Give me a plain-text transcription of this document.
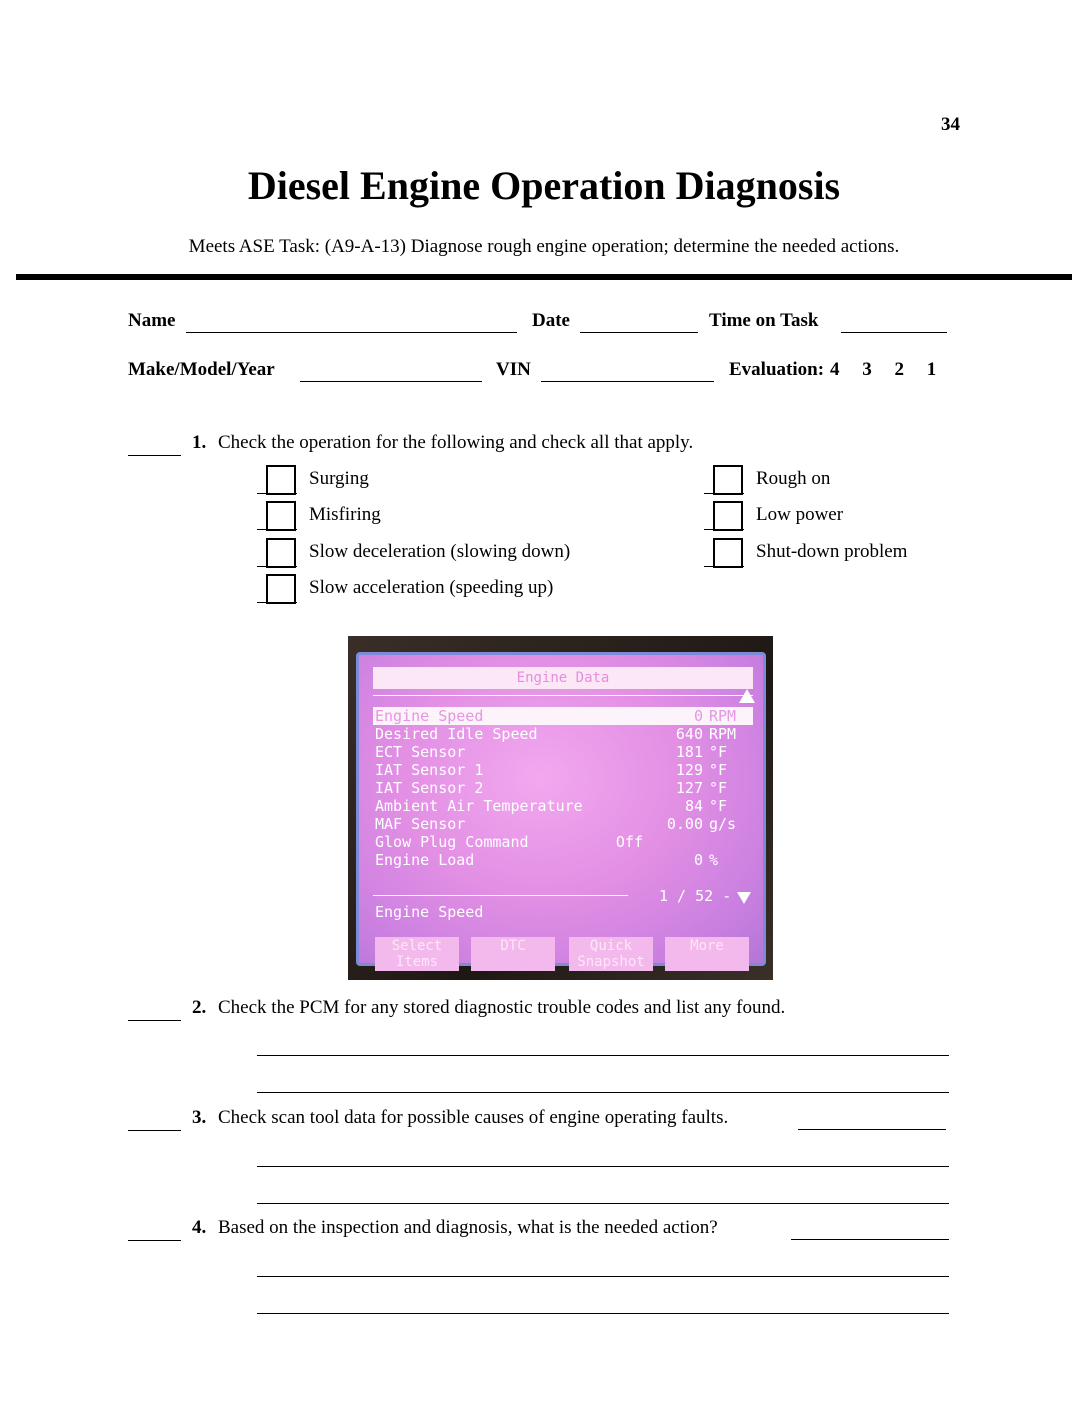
34
Diesel Engine Operation Diagnosis
Meets ASE Task: (A9-A-13) Diagnose rough engine operation; determine the needed actions.
Name	Date	Time on Task
Make/Model/Year	VIN	Evaluation: 4 3 2 1
1. Check the operation for the following and check all that apply.
Surging
Misfiring
Slow deceleration (slowing down)
Slow acceleration (speeding up)
Rough on
Low power
Shut-down problem
Engine Data
Engine Speed	0 RPM
Desired Idle Speed	640 RPM
ECT Sensor	181 °F
IAT Sensor 1	129 °F
IAT Sensor 2	127 °F
Ambient Air Temperature	84 °F
MAF Sensor	0.00 g/s
Glow Plug Command	Off
Engine Load	0 %
1 / 52 -
Engine Speed
Select
Items
DTC	Quick
Snapshot
More
2. Check the PCM for any stored diagnostic trouble codes and list any found.
3. Check scan tool data for possible causes of engine operating faults.
4. Based on the inspection and diagnosis, what is the needed action?
